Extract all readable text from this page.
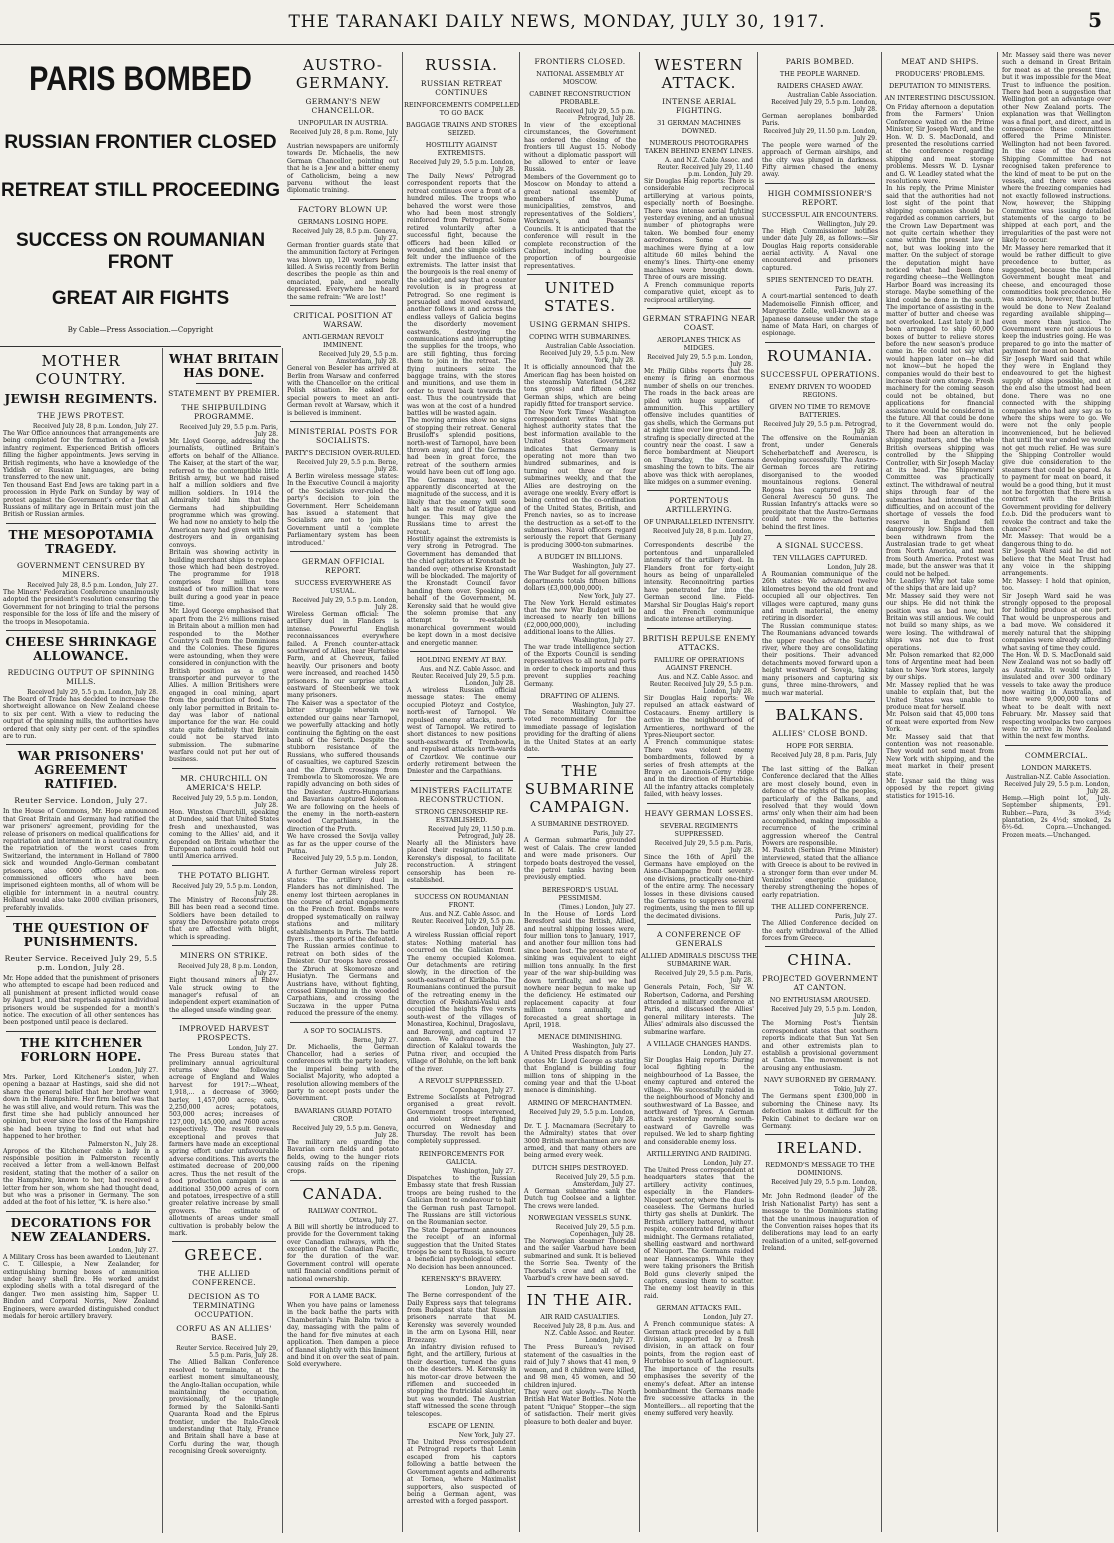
THE TARANAKI DAILY NEWS, MONDAY, JULY 30, 1917.	5
PARIS BOMBED
RUSSIAN FRONTIER CLOSED
RETREAT STILL PROCEEDING
SUCCESS ON ROUMANIAN FRONT
GREAT AIR FIGHTS
By Cable—Press Association.—Copyright
MOTHER COUNTRY.
JEWISH REGIMENTS.
THE JEWS PROTEST.
Received July 28, 8 p.m. London, July 27.

The War Office announces that arrangements are being completed for the formation of a Jewish infantry regiment. Experienced British officers filling the higher appointments. Jews serving in British regiments, who have a knowledge of the Yiddish or Russian languages, are being transferred to the new unit.

Ten thousand East End Jews are taking part in a procession in Hyde Park on Sunday by way of protest against the Government's order that all Russians of military age in Britain must join the British or Russian armies.

THE MESOPOTAMIA TRAGEDY.
GOVERNMENT CENSURED BY MINERS.
Received July 28, 8.5 p.m. London, July 27.

The Miners' Federation Conference unanimously adopted the president's resolution censuring the Government for not bringing to trial the persons responsible for the loss of life and the misery of the troops in Mesopotamia.

CHEESE SHRINKAGE ALLOWANCE.
REDUCING OUTPUT OF SPINNING MILLS.
Received July 29, 5.5 p.m. London, July 28.

The Board of Trade has decided to increase the shortweight allowance on New Zealand cheese to six per cent. With a view to reducing the output of the spinning mills, the authorities have ordered that only sixty per cent. of the spindles are to run.

WAR PRISONERS' AGREEMENT RATIFIED.
Reuter Service. London, July 27.

In the House of Commons, Mr. Hope announced that Great Britain and Germany had ratified the war prisoners' agreement, providing for the release of prisoners on medical qualifications for repatriation and internment in a neutral country, the repatriation of the worst cases from Switzerland, the internment in Holland of 7800 sick and wounded Anglo-German combatant prisoners, also 6000 officers and non-commissioned officers who have been imprisoned eighteen months, all of whom will be eligible for internment in a neutral country. Holland would also take 2000 civilian prisoners, preferably invalids.

THE QUESTION OF PUNISHMENTS.
Reuter Service. Received July 29, 5.5 p.m. London, July 28.

Mr. Hope added that the punishment of prisoners who attempted to escape had been reduced and all punishment at present inflicted would cease by August 1, and that reprisals against individual prisoners would be suspended for a month's notice. The execution of all other sentences has been postponed until peace is declared.

THE KITCHENER FORLORN HOPE.
London, July 27.

Mrs. Parker, Lord Kitchener's sister, when opening a bazaar at Hastings, said she did not share the general belief that her brother went down in the Hampshire. Her firm belief was that he was still alive, and would return. This was the first time she had publicly announced her opinion, but ever since the loss of the Hampshire she had been trying to find out what had happened to her brother.

Palmerston N., July 28.

Apropos of the Kitchener cable a lady in a responsible position in Palmerston recently received a letter from a well-known Belfast resident, stating that the mother of a sailor on the Hampshire, known to her, had received a letter from her son, whom she had thought dead, but who was a prisoner in Germany. The son added at the foot of his letter, "K. is here also."

DECORATIONS FOR NEW ZEALANDERS.
London, July 27.

A Military Cross has been awarded to Lieutenant C. T. Gillespie, a New Zealander, for extinguishing burning boxes of ammunition under heavy shell fire. He worked amidst exploding shells with a total disregard of the danger. Two men assisting him, Sapper U. Bindon and Corporal Norris, New Zealand Engineers, were awarded distinguished conduct medals for heroic artillery bravery.

WHAT BRITAIN HAS DONE.
STATEMENT BY PREMIER.
THE SHIPBUILDING PROGRAMME.
Received July 29, 5.5 p.m. Paris, July 28.

Mr. Lloyd George, addressing the journalists, outlined Britain's efforts on behalf of the Alliance. The Kaiser, at the start of the war, referred to the contemptible little British army, but we had raised half a million soldiers and five million soldiers. In 1914 the Admiralty told him that the Germans had shipbuilding programme which was growing. We had now no anxiety to help the American navy had given with fast destroyers and in organising convoys.

Britain was showing activity in building merchant ships to replace those which had been destroyed. The programme for 1918 comprises four million tons instead of two million that were built during a good year in peace time.

Mr. Lloyd George emphasised that apart from the 2½ millions raised in Britain about a million men had responded to the Mother Country's call from the Dominions and the Colonies. These figures were astounding, when they were considered in conjunction with the British position as a great transporter and purveyor to the Allies. A million Britishers were engaged in coal mining, apart from the production of food. The only labor permitted in Britain to-day was labor of national importance for the war. He could state quite definitely that Britain could not be starved into submission. The submarine warfare could not put her out of business.

MR. CHURCHILL ON AMERICA'S HELP.
Received July 29, 5.5 p.m. London, July 28.

Hon. Winston Churchill, speaking at Dundee, said that United States fresh and unexhausted, was coming to the Allies' aid, and it depended on Britain whether the European nations could hold out until America arrived.

THE POTATO BLIGHT.
Received July 29, 5.5 p.m. London, July 28.

The Ministry of Reconstruction Bill has been read a second time. Soldiers have been detailed to spray the Devonshire potato crops that are affected with blight, which is spreading.

MINERS ON STRIKE.
Received July 28, 8 p.m. London, July 27.

Eight thousand miners at Ebbw Vale struck owing to the manager's refusal of an independent expert examination of the alleged unsafe winding gear.

IMPROVED HARVEST PROSPECTS.
London, July 27.

The Press Bureau states that preliminary annual agricultural returns show the following acreage of England and Wales harvest for 1917:—Wheat, 1,918,... a decrease of 3960; barley, 1,457,000 acres; oats, 2,250,000 acres; potatoes, 503,000 acres; increases of 127,000, 145,000, and 7600 acres respectively. The result reveals exceptional and proves that farmers have made an exceptional spring effort under unfavourable adverse conditions. This averts the estimated decrease of 200,000 acres. Thus the net result of the food production campaign is an additional 350,000 acres of corn and potatoes, irrespective of a still greater relative increase by small growers. The estimate of allotments of areas under small cultivation is probably below the mark.

GREECE.
THE ALLIED CONFERENCE.
DECISION AS TO TERMINATING OCCUPATION.
CORFU AS AN ALLIES' BASE.
Reuter Service. Received July 29, 5.5 p.m. Paris, July 28.

The Allied Balkan Conference resolved to terminate, at the earliest moment simultaneously, the Anglo-Italian occupation, while maintaining the occupation, provisionally, of the triangle formed by the Saloniki-Santi Quaranta Road and the Epirus frontier, under the Italo-Greek understanding that Italy, France and Britain shall have a base at Corfu during the war, though recognising Greek sovereignty.

AUSTRO-GERMANY.
GERMANY'S NEW CHANCELLOR.
UNPOPULAR IN AUSTRIA.
Received July 28, 8 p.m. Rome, July 27.

Austrian newspapers are uniformly towards Dr. Michaelis, the new German Chancellor, pointing out that he is a Jew and a bitter enemy of Catholicism, being a new parvenu without the least diplomatic training.

FACTORY BLOWN UP.
GERMANS LOSING HOPE.
Received July 28, 8.5 p.m. Geneva, July 27.

German frontier guards state that the ammunition factory at Feringen was blown up, 120 workers being killed. A Swiss recently from Berlin describes the people as thin and emaciated, pale, and morally depressed. Everywhere he heard the same refrain: "We are lost!"

CRITICAL POSITION AT WARSAW.
ANTI-GERMAN REVOLT IMMINENT.
Received July 29, 5.5 p.m. Amsterdam, July 28.

General von Beseler has arrived at Berlin from Warsaw and conferred with the Chancellor on the critical Polish situation. He asked for special powers to meet an anti-German revolt at Warsaw, which it is believed is imminent.

MINISTERIAL POSTS FOR SOCIALISTS.
PARTY'S DECISION OVER-RULED.
Received July 29, 5.5 p.m. Berne, July 28.

A Berlin wireless message states: In the Executive Council a majority of the Socialists over-ruled the party's decision to join the Government. Herr Scheidemann has issued a statement that Socialists are not to join the Government until a 'complete Parliamentary system has been introduced.'

GERMAN OFFICIAL REPORT.
SUCCESS EVERYWHERE AS USUAL.
Received July 29, 5.5 p.m. London, July 28.

Wireless German official: The artillery duel in Flanders is intense. Powerful English reconnaissances everywhere failed. A French counter-attack southward of Ailles, near Hurtebise Farm, and at Chevreux, failed heavily. Our prisoners and booty were increased, and reached 1450 prisoners. In our surprise attack eastward of Steenbeek we took many prisoners.

The Kaiser was a spectator of the bitter struggle wherein we extended our gains near Tarnopol, we powerfully attacking and hotly continuing the fighting on the east bank of the Sereth. Despite the stubborn resistance of the Russians, who suffered thousands of casualties, we captured Szescin and the Zbruch crossings from Trembowla to Skomorosze. We are rapidly advancing on both sides of the Dniester. Austro-Hungarians and Bavarians captured Kolomea. We are following on the heels of the enemy in the north-eastern wooded Carpathians, in the direction of the Pruth.

We have crossed the Sovija valley as far as the upper course of the Putna.

Received July 29, 5.5 p.m. London, July 28.

A further German wireless report states: The artillery duel in Flanders has not diminished. The enemy lost thirteen aeroplanes in the course of aerial engagements on the French front. Bombs were dropped systematically on railway stations and military establishments in Paris. The battle flyers ... the sports of the defeated.

The Russian armies continue to retreat on both sides of the Dniester. Our troops have crossed the Zbruch at Skomorosze and Husiatyn. The Germans and Austrians have, without fighting, crossed Kimpolung in the wooded Carpathians, and crossing the Suczawa in the upper Putna reduced the pressure of the enemy.

A SOP TO SOCIALISTS.
Berne, July 27.

Dr. Michaelis, the German Chancellor, had a series of conferences with the party leaders, the imperial being with the Socialist Majority, who adopted a resolution allowing members of the party to accept posts under the Government.

BAVARIANS GUARD POTATO CROP.
Received July 29, 5.5 p.m. Geneva, July 28.

The military are guarding the Bavarian corn fields and potato fields, owing to the hunger riots causing raids on the ripening crops.

CANADA.
RAILWAY CONTROL.
Ottawa, July 27.

A Bill will shortly be introduced to provide for the Government taking over Canadian railways, with the exception of the Canadian Pacific, for the duration of the war. Government control will operate until financial conditions permit of national ownership.

FOR A LAME BACK.

When you have pains or lameness in the back bathe the parts with Chamberlain's Pain Balm twice a day, massaging with the palm of the hand for five minutes at each application. Then dampen a piece of flannel slightly with this liniment and bind it on over the seat of pain. Sold everywhere.

RUSSIA.
RUSSIAN RETREAT CONTINUES
REINFORCEMENTS COMPELLED TO GO BACK
BAGGAGE TRAINS AND STORES SEIZED.
HOSTILITY AGAINST EXTREMISTS.
Received July 29, 5.5 p.m. London, July 28.

The Daily News' Petrograd correspondent reports that the retreat continues over a front of a hundred miles. The troops who behaved the worst were those who had been most strongly reinforced from Petrograd. Some retired voluntarily after a successful fight, because the officers had been killed or wounded, and the simple soldiers felt under the influence of the extremists. The latter insist that the bourgeois is the real enemy of the soldier, and say that a counter revolution is in progress at Petrograd. So one regiment is persuaded and moved eastward, another follows it and across the endless valleys of Galicia begins the disorderly movement eastwards, destroying the communications and interrupting the supplies for the troops, who are still fighting, thus forcing them to join in the retreat. The flying mutineers seize the baggage trains, with the stores and munitions, and use them in order to travel back towards the east. Thus the countryside that was won at the cost of a hundred battles will be wasted again.

The moving armies show no signs of stopping their retreat. General Brusiloff's splendid positions, north-west of Tarnopol, have been thrown away, and if the Germans had been in great force, the retreat of the southern armies would have been cut off long ago. The Germans may, however, apparently disconcerted at the magnitude of the success, and it is likely that the enemy will soon halt as the result of fatigue and hunger. This may give the Russians time to arrest the retreat.

Hostility against the extremists is very strong in Petrograd. The Government has demanded that the chief agitators at Kronstadt be handed over; otherwise Kronstadt will be blockaded. The majority of the Kronstadt Council favor handing them over. Speaking on behalf of the Government, M. Kerensky said that he would give the solemn promise that any attempt to re-establish monarchical government would be kept down in a most decisive and energetic manner.

HOLDING ENEMY AT BAY.
Aus. and N.Z. Cable Assoc. and Reuter. Received July 29, 5.5 p.m. London, July 28.

A wireless Russian official message states: The enemy occupied Ploteyz and Costylce, north-west of Tarnopol. We repulsed enemy attacks, north-west of Tarnopol. We retired to short distances to new positions south-eastwards of Trembowla, and repulsed attacks north-wards of Czortkov. We continue our orderly retirement between the Dniester and the Carpathians.

MINISTERS FACILITATE RECONSTRUCTION.
STRONG CENSORSHIP RE-ESTABLISHED.
Received July 29, 11.50 p.m. Petrograd, July 28.

Nearly all the Ministers have placed their resignations at M. Kerensky's disposal, to facilitate reconstruction. A stringent censorship has been re-established.

SUCCESS ON ROUMANIAN FRONT.
Aus. and N.Z. Cable Assoc. and Reuter. Received July 29, 5.5 p.m. London, July 28.

A wireless Russian official report states: Nothing material has occurred on the Galician front. The enemy occupied Kolomea. Our detachments are retiring slowly, in the direction of the south-eastward of Kirlibaba. The Roumanians continued the pursuit of the retreating enemy in the direction of Fokshani-Vaslui and occupied the heights five versts south-west of the villages of Monastirea, Kochinul, Dragoslavu, and Barovenji, and captured 17 cannon. We advanced in the direction of Kalakul towards the Putna river, and occupied the village of Boluhle, on the left bank of the river.

A REVOLT SUPPRESSED.
Copenhagen, July 27.

Extreme Socialists at Petrograd organised a great revolt. Government troops intervened, and violent street fighting occurred on Wednesday and Thursday. The revolt has been completely suppressed.

REINFORCEMENTS FOR GALICIA.
Washington, July 27.

Dispatches to the Russian Embassy state that fresh Russian troops are being rushed to the Galician front to endeavour to halt the German rush past Tarnopol. The Russians are still victorious on the Roumanian sector.

The State Department announces the receipt of an informal suggestion that the United States troops be sent to Russia, to secure a beneficial psychological effect. No decision has been announced.

KERENSKY'S BRAVERY.
London, July 27.

The Berne correspondent of the Daily Express says that telegrams from Budapest state that Russian prisoners narrate that M. Kerensky was severely wounded in the arm on Lysona Hill, near Brzezany.

An infantry division refused to fight, and the artillery, furious at their desertion, turned the guns on the deserters. M. Kerensky in his motor-car drove between the riflemen and succeeded in stopping the fratricidal slaughter, but was wounded. The Austrian staff witnessed the scene through telescopes.

ESCAPE OF LENIN.
New York, July 27.

The United Press correspondent at Petrograd reports that Lenin escaped from his captors following a battle between the Government agents and adherents at Tornea, where Maximalist supporters, also suspected of being a German agent, was arrested with a forged passport.

FRONTIERS CLOSED.
NATIONAL ASSEMBLY AT MOSCOW.
CABINET RECONSTRUCTION PROBABLE.
Received July 29, 5.5 p.m. Petrograd, July 28.

In view of the exceptional circumstances, the Government has ordered the closing of the frontiers till August 15. Nobody without a diplomatic passport will be allowed to enter or leave Russia.

Members of the Government go to Moscow on Monday to attend a great national assembly of members of the Duma, municipalities, zemstvos, and representatives of the Soldiers', Workmen's, and Peasants' Councils. It is anticipated that the conference will result in the complete reconstruction of the Cabinet, including a due proportion of bourgeoisie representatives.

UNITED STATES.
USING GERMAN SHIPS.
COPING WITH SUBMARINES.
Australian Cable Association. Received July 29, 5.5 p.m. New York, July 28.

It is officially announced that the American flag has been hoisted on the steamship Vaterland (54,282 tons gross) and fifteen other German ships, which are being rapidly fitted for transport service.

The New York Times' Washington correspondent writes that the highest authority states that the best information available to the United States Government indicates that Germany is operating not more than two hundred submarines, and is turning out three or four submarines weekly, and that the Allies are destroying on the average one weekly. Every effort is being centred on the co-ordination of the United States, British, and French navies, so as to increase the destruction as a set-off to the submarines. Naval officers regard seriously the report that Germany is producing 3000-ton submarines.

A BUDGET IN BILLIONS.
Washington, July 27.

The War Budget for all government departments totals fifteen billions dollars (£3,000,000,000).

New York, July 27.

The New York Herald estimates that the new War Budget will be increased to nearly ten billions (£2,000,000,000), including additional loans to the Allies.

Washington, July 27.

The war trade intelligence section of the Exports Council is sending representatives to all neutral ports in order to check imports and thus prevent supplies reaching Germany.

DRAFTING OF ALIENS.
Washington, July 27.

The Senate Military Committee voted recommending for the immediate passage of legislation providing for the drafting of aliens in the United States at an early date.

THE SUBMARINE CAMPAIGN.
A SUBMARINE DESTROYED.
Paris, July 27.

A German submarine grounded west of Calais. The crew landed and were made prisoners. Our torpedo boats destroyed the vessel, the petrol tanks having been previously emptied.

BERESFORD'S USUAL PESSIMISM.
(Times.) London, July 27.

In the House of Lords Lord Beresford said the British, Allied, and neutral shipping losses were, four million tons to January, 1917, and another four million tons had since been lost. The present rate of sinking was equivalent to eight million tons annually. In the first year of the war ship-building was down terrifically, and we had nowhere near begun to make up the deficiency. He estimated our replacement capacity at four million tons annually, and forecasted a great shortage in April, 1918.

MENACE DIMINISHING.
Washington, July 27.

A United Press dispatch from Paris quotes Mr. Lloyd George as stating that England is building four million tons of shipping in the coming year and that the U-boat menace is diminishing.

ARMING OF MERCHANTMEN.
Received July 29, 5.5 p.m. London, July 28.

Dr. T. J. Macnamara (Secretary to the Admiralty) states that over 3000 British merchantmen are now armed, and that many others are being armed every week.

DUTCH SHIPS DESTROYED.
Received July 29, 5.5 p.m. Amsterdam, July 27.

A German submarine sank the Dutch tug Coolsee and a lighter. The crews were landed.

NORWEGIAN VESSELS SUNK.
Received July 29, 5.5 p.m. Copenhagen, July 28.

The Norwegian steamer Thorsdal and the sailer Vaarbud have been submarined and sunk. It is believed the Sorrie Sea. Twenty of the Thorsdal's crew and all of the Vaarbud's crew have been saved.

IN THE AIR.
AIR RAID CASUALTIES.
Received July 28, 8 p.m. Aus. and N.Z. Cable Assoc. and Reuter. London, July 27.

The Press Bureau's revised statement of the casualties in the raid of July 7 shows that 41 men, 9 women, and 8 children were killed, and 98 men, 45 women, and 50 children injured.

They were out slowly—The North British Hat Water Bottles. Note the patent "Unique" Stopper—the sign of satisfaction. Their merit gives pleasure to both dealer and buyer.

WESTERN ATTACK.
INTENSE AERIAL FIGHTING.
31 GERMAN MACHINES DOWNED.
NUMEROUS PHOTOGRAPHS TAKEN BEHIND ENEMY LINES.
A. and N.Z. Cable Assoc. and Reuter. Received July 29, 11.40 p.m. London, July 29.

Sir Douglas Haig reports: There is considerable reciprocal artillerying at various points, especially north of Boesinghe. There was intense aerial fighting yesterday evening, and an unusual number of photographs were taken. We bombed four enemy aerodromes. Some of our machines were flying at a low altitude 60 miles behind the enemy's lines. Thirty-one enemy machines were brought down. Three of ours are missing.

A French communique reports comparative quiet, except as to reciprocal artillerying.

GERMAN STRAFING NEAR COAST.
AEROPLANES THICK AS MIDGES.
Received July 29, 5.5 p.m. London, July 28.

Mr. Philip Gibbs reports that the enemy is firing an enormous number of shells on our trenches. The roads in the back areas are piled with huge supplies of ammunition. This artillery offensive includes quantities of gas shells, which the Germans put at night time over low ground. The strafing is specially directed at the country near the coast. I saw a fierce bombardment at Nieuport on Thursday, the Germans smashing the town to bits. The air above was thick with aeroplanes, like midges on a summer evening.

PORTENTOUS ARTILLERYING.
OF UNPARALLELED INTENSITY.
Received July 28, 8 p.m. London, July 27.

Correspondents describe the portentous and unparalleled intensity of the artillery duel. In Flanders front for forty-eight hours as being of unparalleled intensity. Reconnoitring parties have penetrated far into the German second line. Field-Marshal Sir Douglas Haig's report and the French communique indicate intense artillerying.

BRITISH REPULSE ENEMY ATTACKS.
FAILURE OF OPERATIONS AGAINST FRENCH.
Aus. and N.Z. Cable Assoc. and Reuter. Received July 29, 5.5 p.m. London, July 28.

Sir Douglas Haig reports: We repulsed an attack eastward of Costacaurs. Enemy artillery is active in the neighbourhood of Armentieres, northward of the Ypres-Nieuport sector.

A French communique states: There was violent enemy bombardments, followed by a series of fresh attempts at the Braye en Laonnois-Cerny ridge and in the direction of Hurtebise. All the infantry attacks completely failed, with heavy losses.

HEAVY GERMAN LOSSES.
SEVERAL REGIMENTS SUPPRESSED.
Received July 29, 5.5 p.m. Paris, July 28.

Since the 16th of April the Germans have employed on the Aisne-Champagne front seventy-one divisions, practically one-third of the entire army. The necessary losses in these divisions caused the Germans to suppress several regiments, using the men to fill up the decimated divisions.

A CONFERENCE OF GENERALS
ALLIED ADMIRALS DISCUSS THE SUBMARINE WAR.
Received July 29, 5.5 p.m. Paris, July 28.

Generals Petain, Foch, Sir W. Robertson, Cadorna, and Pershing attended a military conference at Paris, and discussed the Allies' general military interests. The Allies' admirals also discussed the submarine warfare.

A VILLAGE CHANGES HANDS.
London, July 27.

Sir Douglas Haig reports: During local fighting in the neighbourhood of La Bassee, the enemy captured and entered the village... We successfully raided in the neighbourhood of Monchy and southwestward of La Bassee, and northward of Ypres. A German attack yesterday morning south-eastward of Gavrelle was repulsed. We led to sharp fighting and considerable enemy loss.

ARTILLERYING AND RAIDING.
London, July 27.

The United Press correspondent at headquarters states that the artillery activity continues, especially in the Flanders-Nieuport sector, where the duel is ceaseless. The Germans hurled thirty gas shells at Dunkirk. The British artillery battered, without respite, concentrated firing after midnight. The Germans retaliated, shelling eastward and northward of Nieuport. The Germans raided near Hannescamps. While they were taking prisoners the British Bold guns cleverly sniped the captors, causing them to scatter. The enemy lost heavily in this raid.

GERMAN ATTACKS FAIL.
London, July 27.

A French communique states: A German attack preceded by a full division, supported by a fresh division, in an attack on four points, from the region east of Hurtebise to south of Lagniecourt. The importance of the results emphasises the severity of the enemy's defeat. After an intense bombardment the Germans made five successive attacks in the Monteillers... all reporting that the enemy suffered very heavily.

PARIS BOMBED.
THE PEOPLE WARNED.
RAIDERS CHASED AWAY.
Australian Cable Association. Received July 29, 5.5 p.m. London, July 28.

German aeroplanes bombarded Paris.

Received July 29, 11.50 p.m. London, July 29.

The people were warned of the approach of German airships, and the city was plunged in darkness. Fifty airmen chased the enemy away.

HIGH COMMISSIONER'S REPORT.
SUCCESSFUL AIR ENCOUNTERS.
Wellington, July 29.

The High Commissioner notifies under date July 28, as follows:—Sir Douglas Haig reports considerable aerial activity. A Naval one encountered and prisoners captured.

SPIES SENTENCED TO DEATH.
Paris, July 27.

A court-martial sentenced to death Mademoiselle Finnish officer, and Marguerite Zelle, well-known as a Japanese danseuse under the stage name of Mata Hari, on charges of espionage.

ROUMANIA.
SUCCESSFUL OPERATIONS.
ENEMY DRIVEN TO WOODED REGIONS.
GIVEN NO TIME TO REMOVE BATTERIES.
Received July 29, 5.5 p.m. Petrograd, July 28.

The offensive on the Roumanian front, under Generals Scheherbatcheff and Averescu, is developing successfully. The Austro-German forces are retiring disorganised to the wooded mountainous regions. General Rogosa has captured 19 and General Averescu 50 guns. The Russian Infantry's attacks were so precipitate that the Austro-Germans could not remove the batteries behind the first lines.

A SIGNAL SUCCESS.
TEN VILLAGES CAPTURED.
London, July 28.

A Roumanian communique of the 26th states: We advanced twelve kilometres beyond the old front and occupied all our objectives. Ten villages were captured, many guns and much material, the enemy retiring in disorder.

The Russian communique states: The Roumanians advanced towards the upper reaches of the Suchitz river, where they are consolidating their positions. Their advanced detachments moved forward upon a height westward of Soveja, taking many prisoners and capturing six guns, three mine-throwers, and much war material.

BALKANS.
ALLIES' CLOSE BOND.
HOPE FOR SERBIA.
Received July 28, 8 p.m. Paris, July 27.

The last sitting of the Balkan Conference declared that the Allies are most closely bound, even in defence of the rights of the peoples, particularly of the Balkans, and resolved that they would 'down arms' only when their aim had been accomplished, making impossible a recurrence of the criminal aggression whereof the Central Powers are responsible.

M. Pasitch (Serbian Prime Minister) interviewed, stated that the alliance with Greece is about to be revived in a stronger form than ever under M. Venizelos' energetic guidance, thereby strengthening the hopes of early repatriation.

THE ALLIED CONFERENCE.
Paris, July 27.

The Allied Conference decided on the early withdrawal of the Allied forces from Greece.

CHINA.
PROJECTED GOVERNMENT AT CANTON.
NO ENTHUSIASM AROUSED.
Received July 29, 5.5 p.m. London, July 28.

The Morning Post's Tientsin correspondent states that southern reports indicate that Sun Yat Sen and other extremists plan to establish a provisional government at Canton. The movement is not arousing any enthusiasm.

NAVY SUBORNED BY GERMANY.
Tokio, July 27.

The Germans spent £300,000 in suborning the Chinese navy. Its defection makes it difficult for the Pekin Cabinet to declare war on Germany.

IRELAND.
REDMOND'S MESSAGE TO THE DOMINIONS.
Received July 29, 5.5 p.m. London, July 28.

Mr. John Redmond (leader of the Irish Nationalist Party) has sent a message to the Dominions stating that the unanimous inauguration of the Convention raises hopes that its deliberations may lead to an early realisation of a united, self-governed Ireland.

MEAT AND SHIPS.
PRODUCERS' PROBLEMS.
DEPUTATION TO MINISTERS.
AN INTERESTING DISCUSSION.

On Friday afternoon a deputation from the Farmers' Union Conference waited on the Prime Minister, Sir Joseph Ward, and the Hon. W. D. S. MacDonald, and presented the resolutions carried at the conference regarding shipping and meat storage problems. Messrs W. D. Lysnar and G. W. Leadley stated what the resolutions were.

In his reply, the Prime Minister said that the authorities had not lost sight of the point that shipping companies should be regarded as common carriers, but the Crown Law Department was not quite certain whether they came within the present law or not, but was looking into the matter. On the subject of storage the deputation might have noticed what had been done regarding cheese—the Wellington Harbor Board was increasing its storage. Maybe something of the kind could be done in the south. The importance of assisting in the matter of butter and cheese was not overlooked. Last lately it had been arranged to ship 60,000 boxes of butter to relieve stores before the new season's produce came in. He could not say what would happen later on—he did not know—but he hoped the companies would do their best to increase their own storage. Fresh machinery for the coming season could not be obtained, but applications for financial assistance would be considered in the future. All that could be done to it the Government would do. There had been an alteration in shipping matters, and the whole British overseas shipping was controlled by the Shipping Controller, with Sir Joseph Maclay at its head. The Shipowners' Committee was practically extinct. The withdrawal of neutral ships through fear of the submarines had intensified the difficulties, and on account of the shortage of vessels the food reserve in England fell dangerously low. Ships had then been withdrawn from the Australasian trade to get wheat from North America, and meat from South America. Protest was made, but the answer was that it could not be helped.

Mr. Leadley: Why not take some of the ships that are laid up?

Mr. Massey said they were not our ships. He did not think the position was as bad now, but Britain was still anxious. We could not build so many ships, as we were losing. The withdrawal of ships was not due to frost operations.

Mr. Polson remarked that 82,000 tons of Argentine meat had been taken to New York stores, largely by our ships.

Mr. Massey replied that he was unable to explain that, but the United States was unable to produce meat for herself.

Mr. Polson said that 45,000 tons of meat were exported from New York.

Mr. Massey said that that contention was not reasonable. They would not send meat from New York with shipping, and the meat market in their present state.

Mr. Lysnar said the thing was opposed by the report giving statistics for 1915-16.

Mr. Massey said there was never such a demand in Great Britain for meat as at the present time, but it was impossible for the Meat Trust to influence the position. There had been a suggestion that Wellington got an advantage over other New Zealand ports. The explanation was that Wellington was a final port, and direct, and in consequence these committees offered the Prime Minister. Wellington had not been favored. In the case of the Overseas Shipping Committee had not recognised taken preference to the kind of meat to be put on the vessels, and there were cases where the freezing companies had not exactly followed instructions. Now, however, the Shipping Committee was issuing detailed statements of the cargo to be shipped at each port, and the irregularities of the past were not likely to occur.

Mr. Massey here remarked that it would be rather difficult to give precedence to butter, as suggested, because the Imperial Government bought meat and cheese, and encouraged those commodities took precedence. He was anxious, however, that butter would be done to New Zealand regarding available shipping—even more than justice. The Government were not anxious to keep the industries going. He was prepared to go into the matter of payment for meat on board.

Sir Joseph Ward said that while they were in England they endeavoured to get the highest supply of ships possible, and at the end also the utmost had been done. There was no one connected with the shipping companies who had any say as to where the ships were to go. We were not the only people inconvenienced, but he believed that until the war ended we would not get much relief. He was sure the Shipping Controller would give due consideration to the steamers that could be spared. As to payment for meat on board, it would be a good thing, but it must not be forgotten that there was a contract with the British Government providing for delivery f.o.b. Did the producers want to revoke the contract and take the chances?

Mr. Massey: That would be a dangerous thing to do.

Sir Joseph Ward said he did not believe that the Meat Trust had any voice in the shipping arrangements.

Mr. Massey: I hold that opinion, too.

Sir Joseph Ward said he was strongly opposed to the proposal for holding produce at one port. That would be unprosperous and a bad move. We considered it merely natural that the shipping companies were already affording what saving of time they could.

The Hon. W. D. S. MacDonald said New Zealand was not so badly off as Australia. It would take 15 insulated and over 300 ordinary vessels to take away the produce now waiting in Australia, and there were 9,000,000 tons of wheat to be dealt with next February. Mr. Massey said that respecting woolpacks two cargoes were to arrive in New Zealand within the next few months.

COMMERCIAL.
LONDON MARKETS.
Australian-N.Z. Cable Association. Received July 29, 5.5 p.m. London, July 28.

Hemp.—High point lot, July-September shipments, £91. Rubber.—Para, 3s 3½d; plantation, 2s 4½d; smoked, 2s 6½-6d. Copra.—Unchanged. Frozen meats.—Unchanged.
